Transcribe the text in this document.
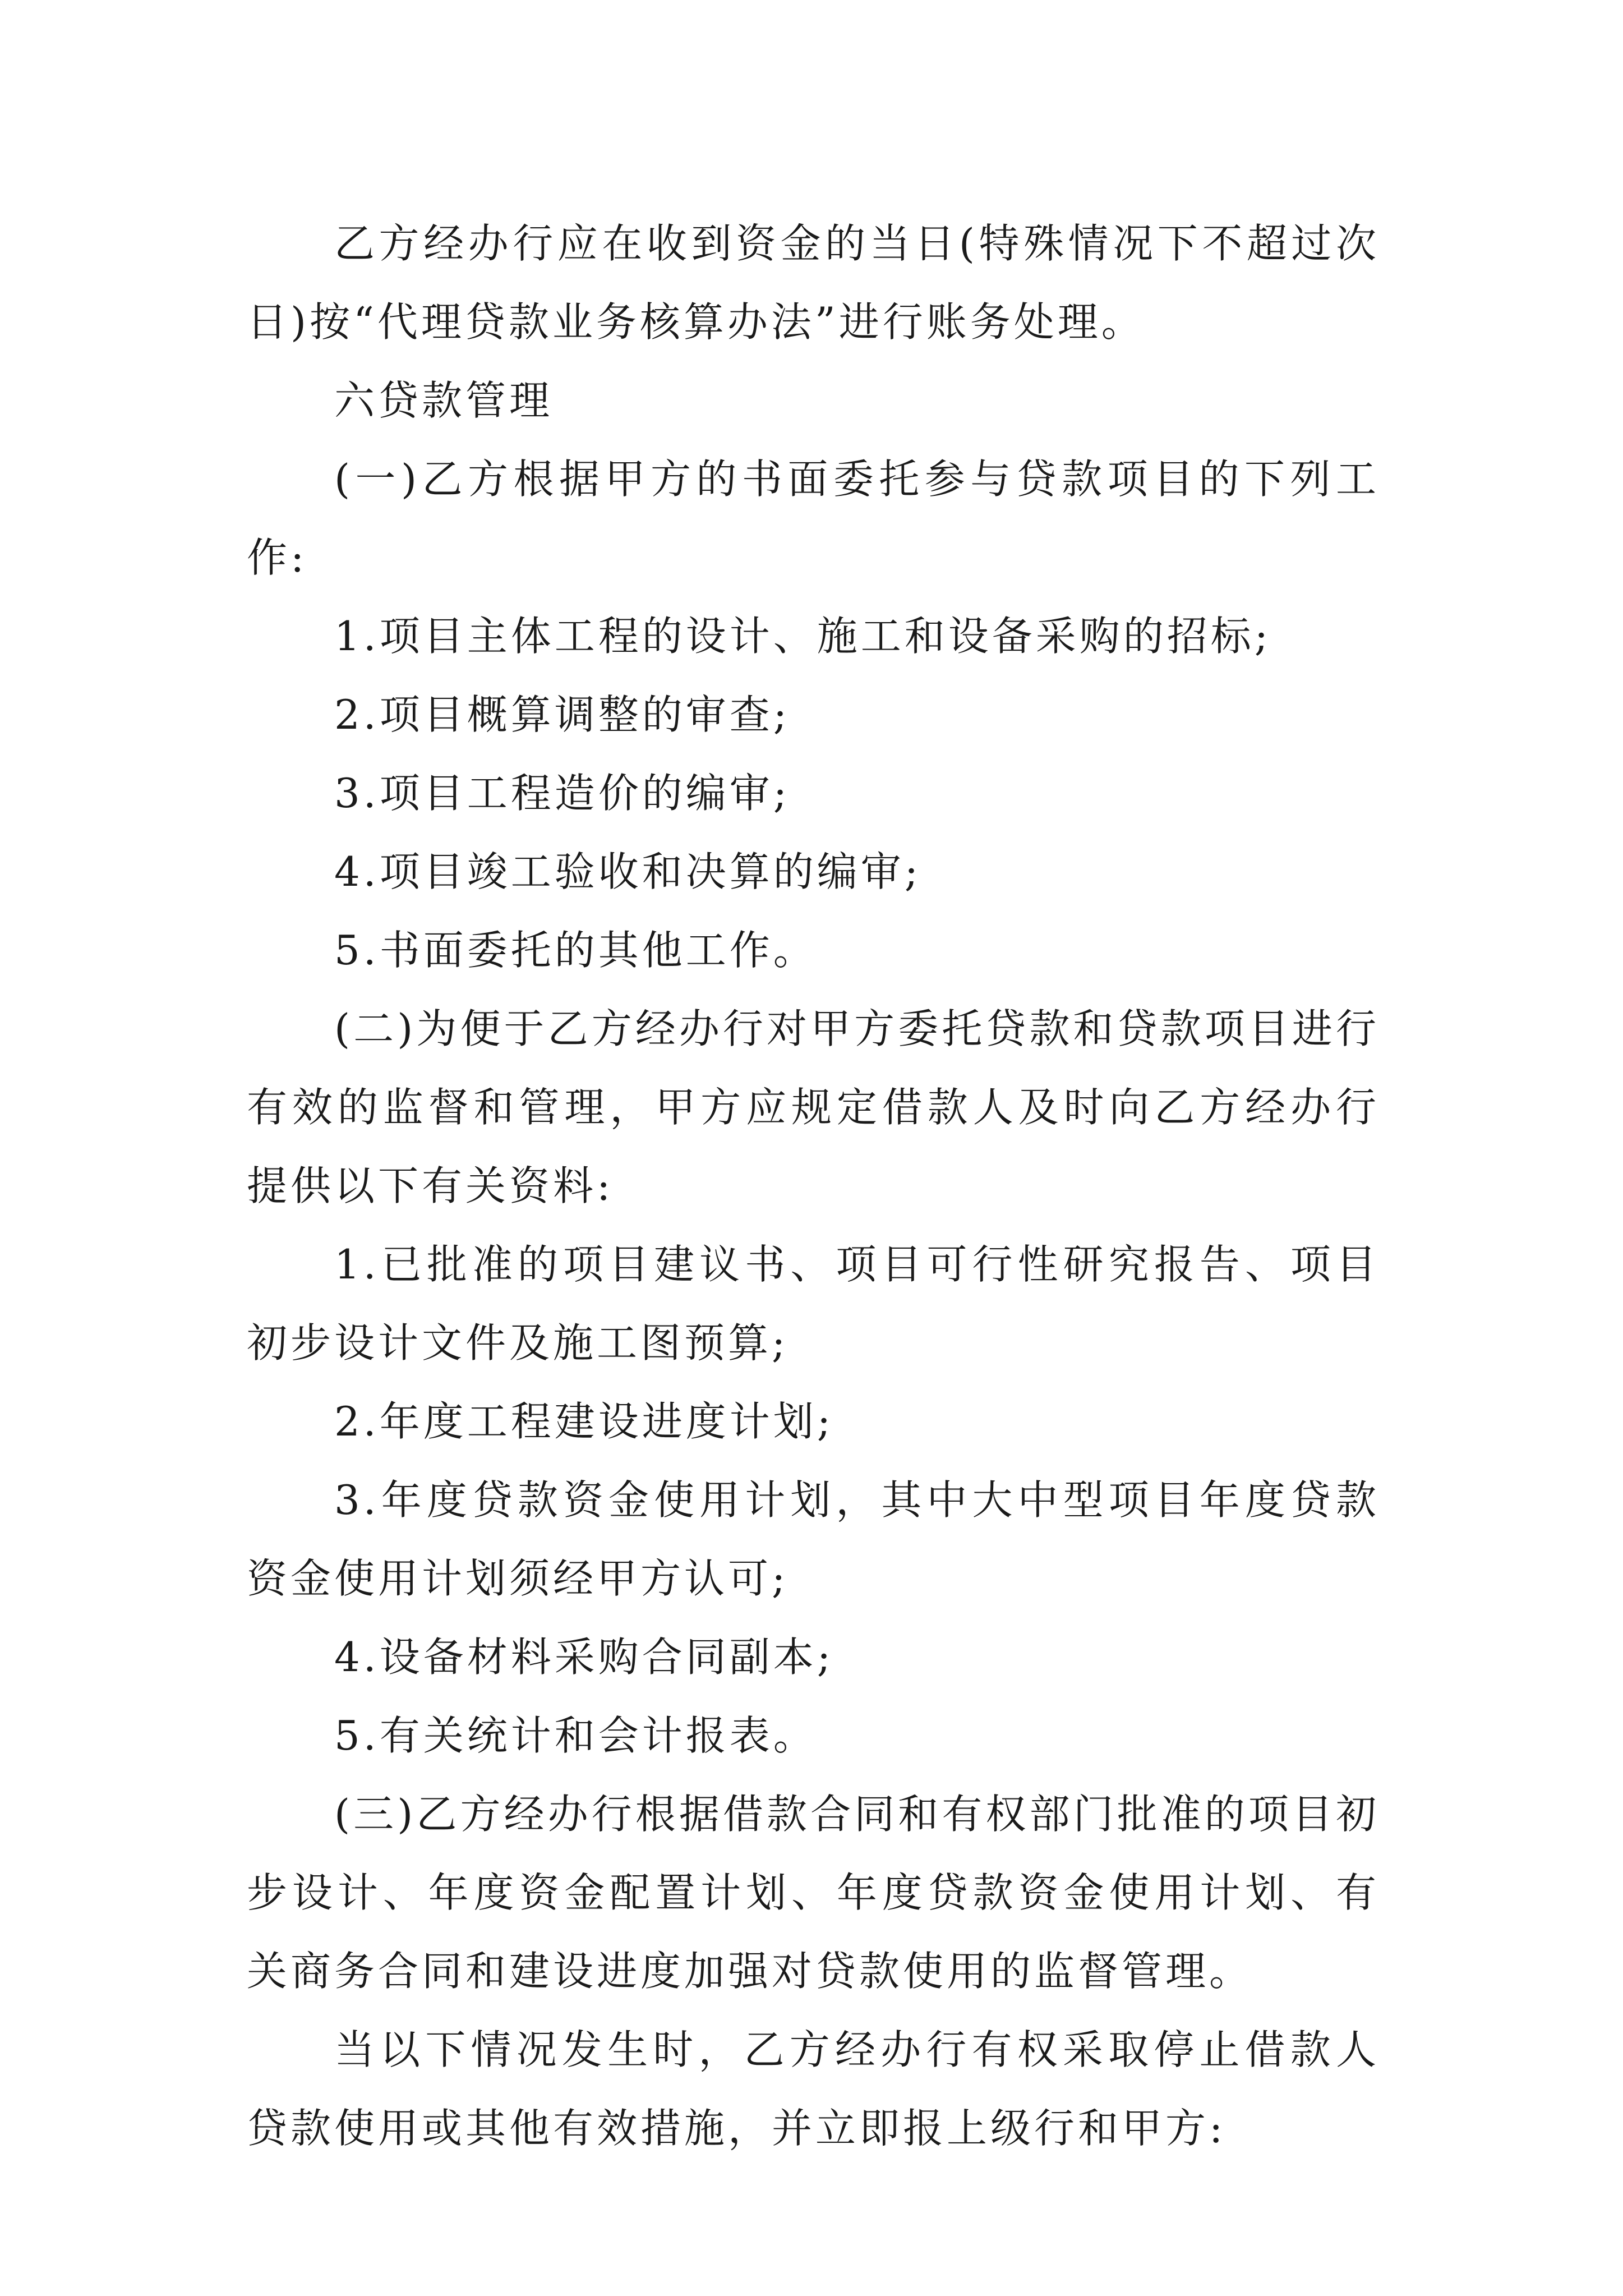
乙方经办行应在收到资金的当日(特殊情况下不超过次日)按“代理贷款业务核算办法”进行账务处理。

六贷款管理

(一)乙方根据甲方的书面委托参与贷款项目的下列工作:

1.项目主体工程的设计、施工和设备采购的招标;

2.项目概算调整的审查;

3.项目工程造价的编审;

4.项目竣工验收和决算的编审;

5.书面委托的其他工作。

(二)为便于乙方经办行对甲方委托贷款和贷款项目进行有效的监督和管理，甲方应规定借款人及时向乙方经办行提供以下有关资料:

1.已批准的项目建议书、项目可行性研究报告、项目初步设计文件及施工图预算;

2.年度工程建设进度计划;

3.年度贷款资金使用计划，其中大中型项目年度贷款资金使用计划须经甲方认可;

4.设备材料采购合同副本;

5.有关统计和会计报表。

(三)乙方经办行根据借款合同和有权部门批准的项目初步设计、年度资金配置计划、年度贷款资金使用计划、有关商务合同和建设进度加强对贷款使用的监督管理。

当以下情况发生时，乙方经办行有权采取停止借款人贷款使用或其他有效措施，并立即报上级行和甲方:
